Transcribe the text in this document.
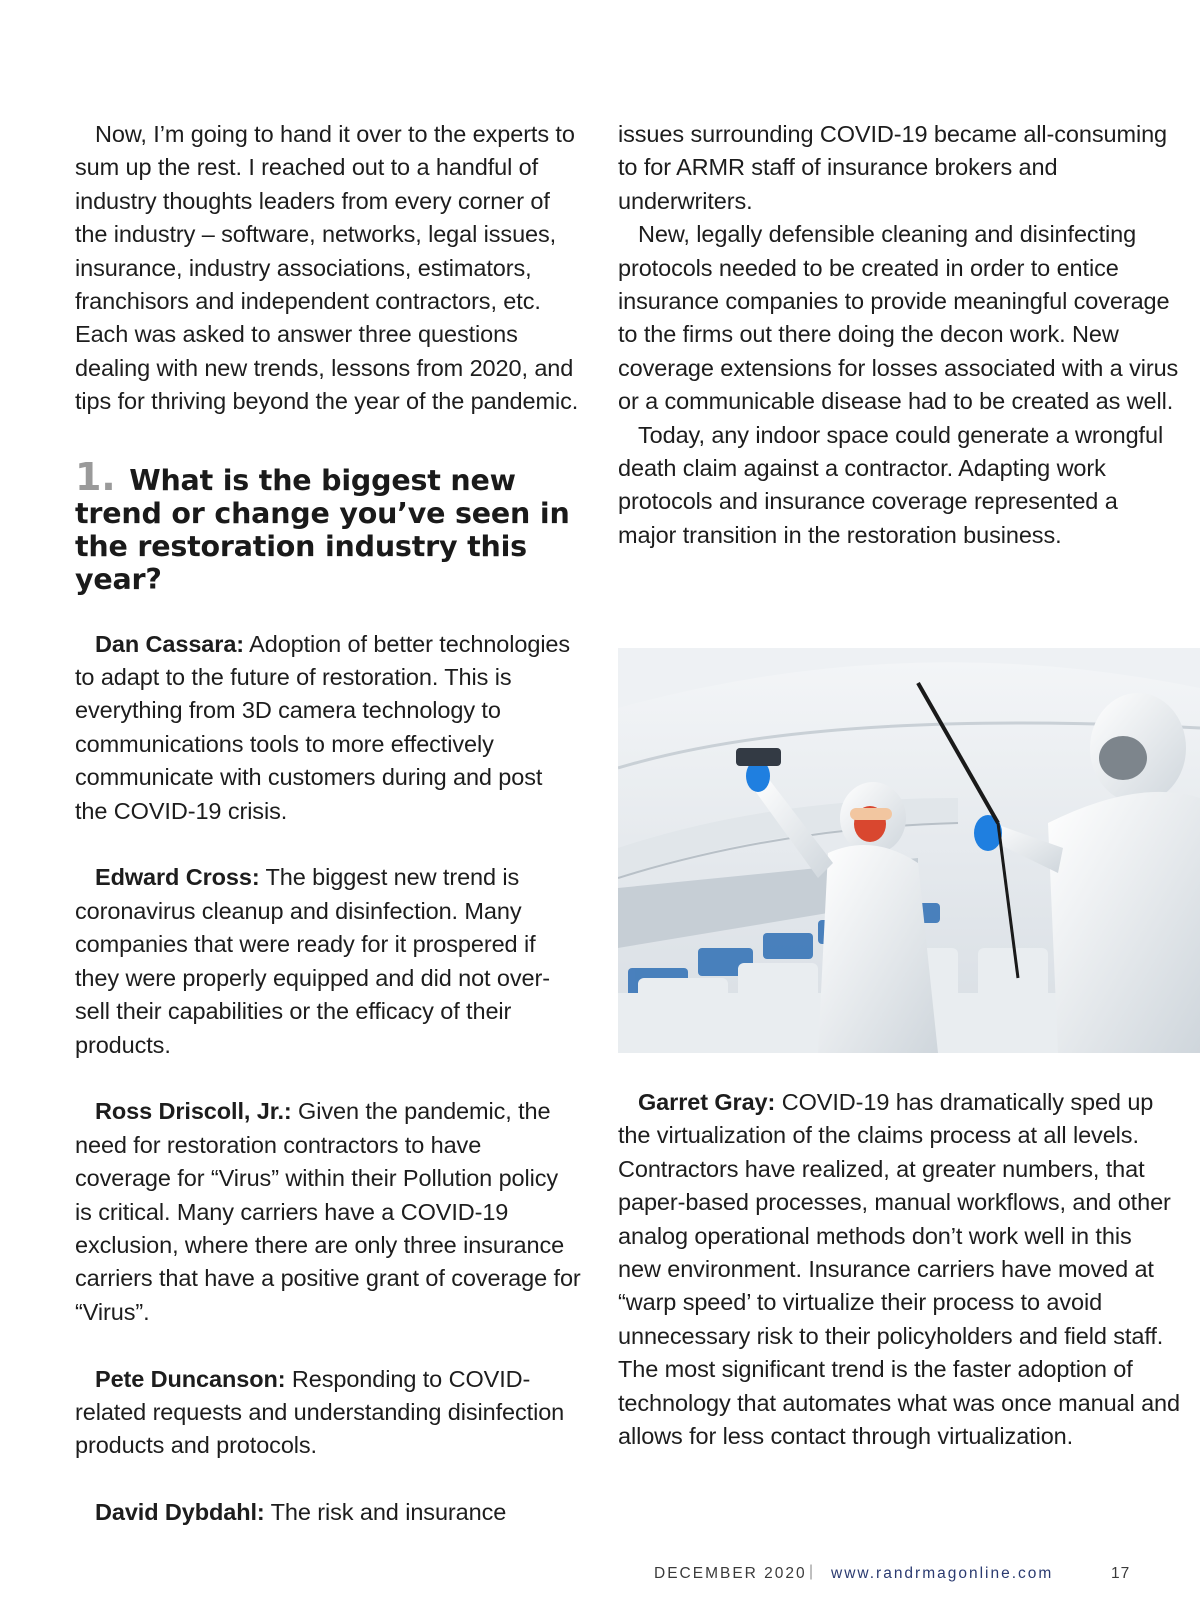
Now, I’m going to hand it over to the experts to sum up the rest. I reached out to a handful of industry thoughts leaders from every corner of the industry – software, networks, legal issues, insurance, industry associations, estimators, franchisors and independent contractors, etc. Each was asked to answer three questions dealing with new trends, lessons from 2020, and tips for thriving beyond the year of the pandemic.

1. What is the biggest new trend or change you’ve seen in the restoration industry this year?

Dan Cassara: Adoption of better technologies to adapt to the future of restoration. This is everything from 3D camera technology to communications tools to more effectively communicate with customers during and post the COVID-19 crisis.

Edward Cross: The biggest new trend is coronavirus cleanup and disinfection. Many companies that were ready for it prospered if they were properly equipped and did not over-sell their capabilities or the efficacy of their products.

Ross Driscoll, Jr.: Given the pandemic, the need for restoration contractors to have coverage for “Virus” within their Pollution policy is critical. Many carriers have a COVID-19 exclusion, where there are only three insurance carriers that have a positive grant of coverage for “Virus”.

Pete Duncanson: Responding to COVID-related requests and understanding disinfection products and protocols.

David Dybdahl: The risk and insurance

issues surrounding COVID-19 became all-consuming to for ARMR staff of insurance brokers and underwriters.

New, legally defensible cleaning and disinfecting protocols needed to be created in order to entice insurance companies to provide meaningful coverage to the firms out there doing the decon work. New coverage extensions for losses associated with a virus or a communicable disease had to be created as well.

Today, any indoor space could generate a wrongful death claim against a contractor. Adapting work protocols and insurance coverage represented a major transition in the restoration business.

Garret Gray: COVID-19 has dramatically sped up the virtualization of the claims process at all levels. Contractors have realized, at greater numbers, that paper-based processes, manual workflows, and other analog operational methods don’t work well in this new environment. Insurance carriers have moved at “warp speed’ to virtualize their process to avoid unnecessary risk to their policyholders and field staff. The most significant trend is the faster adoption of technology that automates what was once manual and allows for less contact through virtualization.

DECEMBER 2020 | www.randrmagonline.com	17
